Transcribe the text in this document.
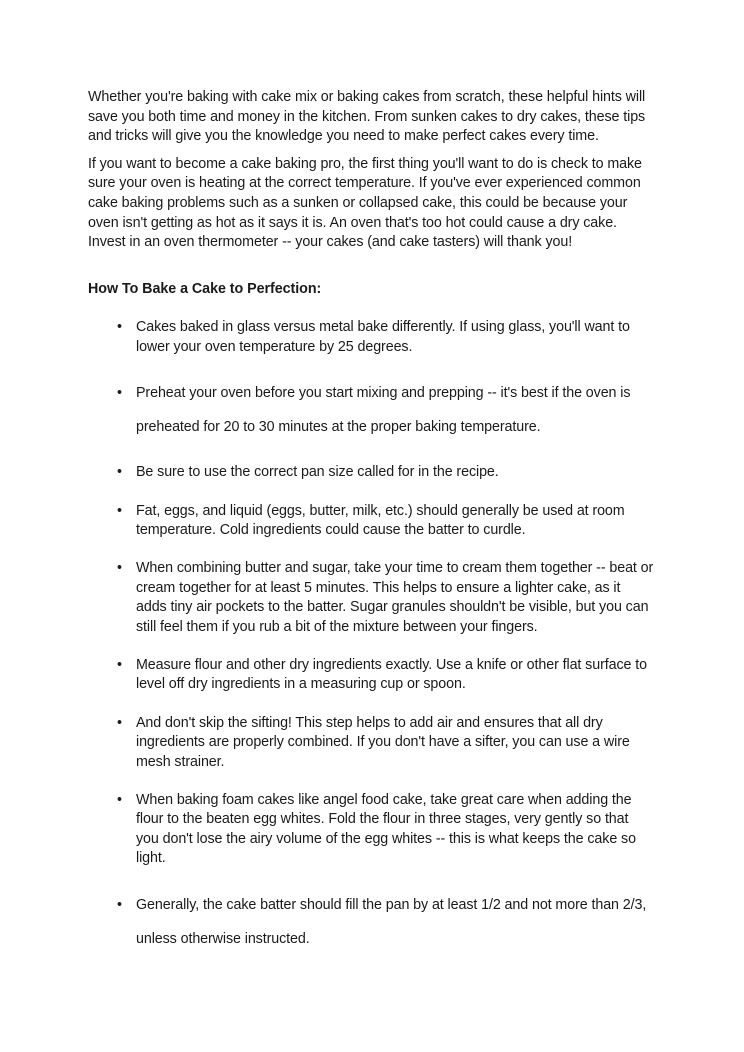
Whether you're baking with cake mix or baking cakes from scratch, these helpful hints will save you both time and money in the kitchen. From sunken cakes to dry cakes, these tips and tricks will give you the knowledge you need to make perfect cakes every time.

If you want to become a cake baking pro, the first thing you'll want to do is check to make sure your oven is heating at the correct temperature. If you've ever experienced common cake baking problems such as a sunken or collapsed cake, this could be because your oven isn't getting as hot as it says it is. An oven that's too hot could cause a dry cake. Invest in an oven thermometer -- your cakes (and cake tasters) will thank you!

How To Bake a Cake to Perfection:

• Cakes baked in glass versus metal bake differently. If using glass, you'll want to lower your oven temperature by 25 degrees.
• Preheat your oven before you start mixing and prepping -- it's best if the oven is preheated for 20 to 30 minutes at the proper baking temperature.
• Be sure to use the correct pan size called for in the recipe.
• Fat, eggs, and liquid (eggs, butter, milk, etc.) should generally be used at room temperature. Cold ingredients could cause the batter to curdle.
• When combining butter and sugar, take your time to cream them together -- beat or cream together for at least 5 minutes. This helps to ensure a lighter cake, as it adds tiny air pockets to the batter. Sugar granules shouldn't be visible, but you can still feel them if you rub a bit of the mixture between your fingers.
• Measure flour and other dry ingredients exactly. Use a knife or other flat surface to level off dry ingredients in a measuring cup or spoon.
• And don't skip the sifting! This step helps to add air and ensures that all dry ingredients are properly combined. If you don't have a sifter, you can use a wire mesh strainer.
• When baking foam cakes like angel food cake, take great care when adding the flour to the beaten egg whites. Fold the flour in three stages, very gently so that you don't lose the airy volume of the egg whites -- this is what keeps the cake so light.
• Generally, the cake batter should fill the pan by at least 1/2 and not more than 2/3, unless otherwise instructed.
